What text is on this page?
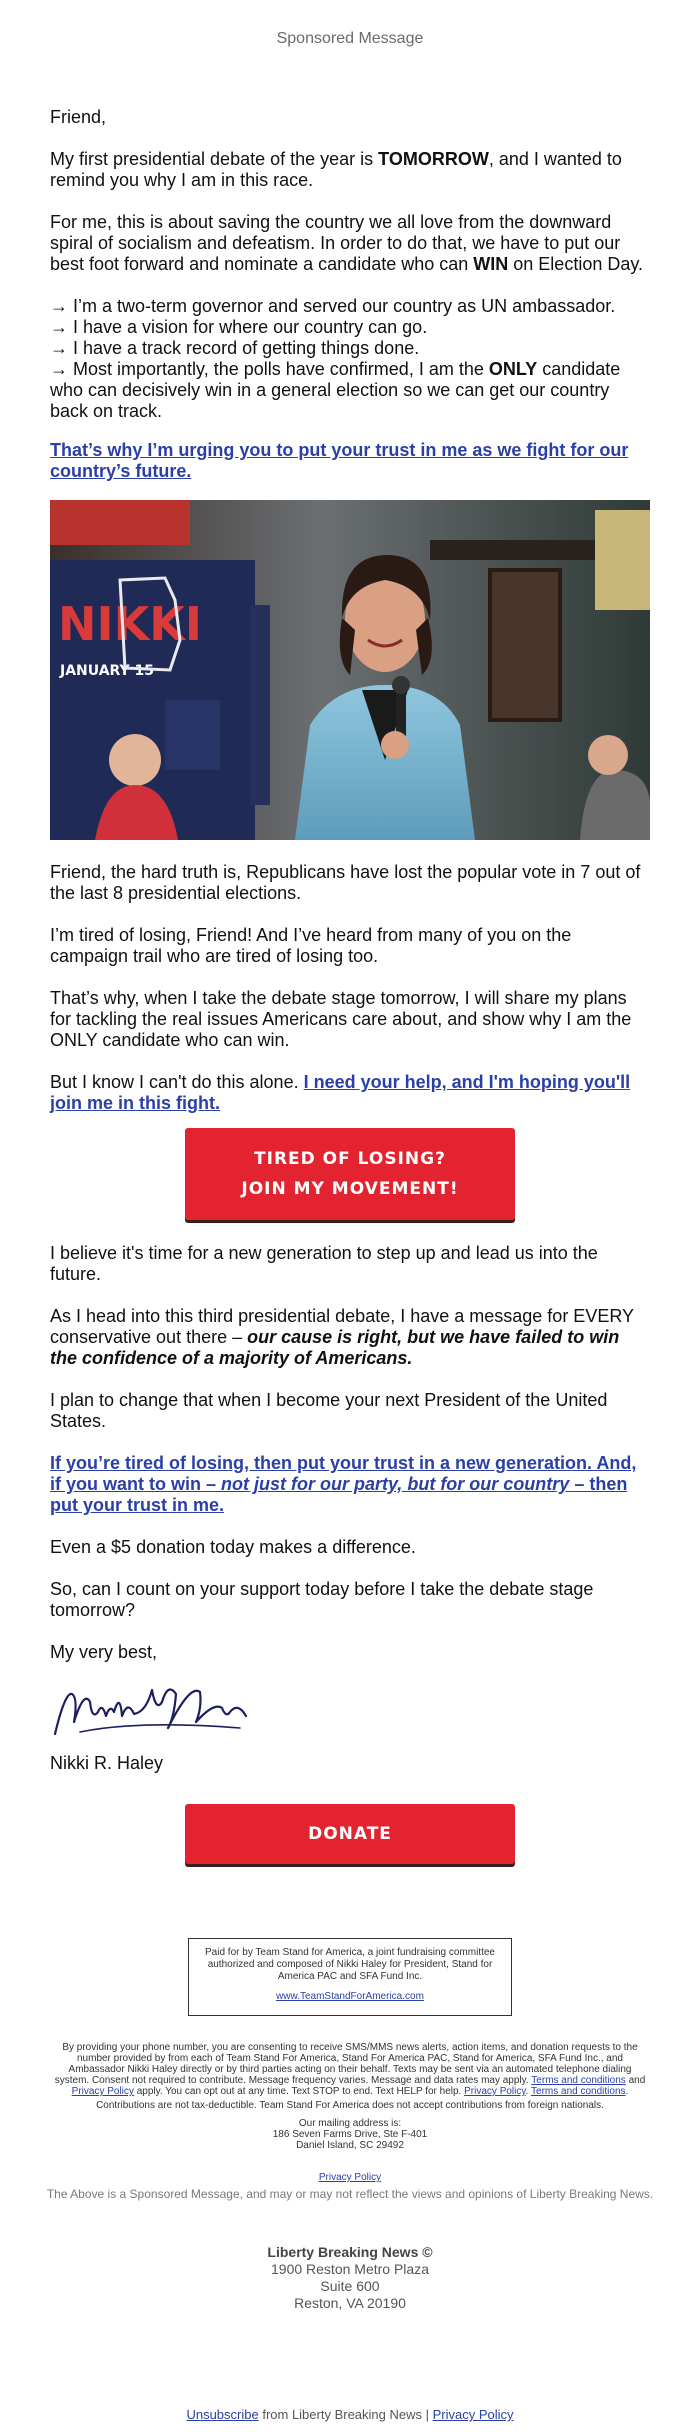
Sponsored Message

Friend,

My first presidential debate of the year is TOMORROW, and I wanted to remind you why I am in this race.

For me, this is about saving the country we all love from the downward spiral of socialism and defeatism. In order to do that, we have to put our best foot forward and nominate a candidate who can WIN on Election Day.

→ I’m a two-term governor and served our country as UN ambassador.

→ I have a vision for where our country can go.

→ I have a track record of getting things done.

→ Most importantly, the polls have confirmed, I am the ONLY candidate who can decisively win in a general election so we can get our country back on track.

That’s why I’m urging you to put your trust in me as we fight for our country’s future.

NIKKI
JANUARY 15

Friend, the hard truth is, Republicans have lost the popular vote in 7 out of the last 8 presidential elections.

I’m tired of losing, Friend! And I’ve heard from many of you on the campaign trail who are tired of losing too.

That’s why, when I take the debate stage tomorrow, I will share my plans for tackling the real issues Americans care about, and show why I am the ONLY candidate who can win.

But I know I can't do this alone. I need your help, and I'm hoping you'll join me in this fight.

TIRED OF LOSING?
JOIN MY MOVEMENT!

I believe it's time for a new generation to step up and lead us into the future.

As I head into this third presidential debate, I have a message for EVERY conservative out there – our cause is right, but we have failed to win the confidence of a majority of Americans.

I plan to change that when I become your next President of the United States.

If you’re tired of losing, then put your trust in a new generation. And, if you want to win – not just for our party, but for our country – then put your trust in me.

Even a $5 donation today makes a difference.

So, can I count on your support today before I take the debate stage tomorrow?

My very best,

Nikki R. Haley

DONATE
Paid for by Team Stand for America, a joint fundraising committee authorized and composed of Nikki Haley for President, Stand for America PAC and SFA Fund Inc.
www.TeamStandForAmerica.com
By providing your phone number, you are consenting to receive SMS/MMS news alerts, action items, and donation requests to the number provided by from each of Team Stand For America, Stand For America PAC, Stand for America, SFA Fund Inc., and Ambassador Nikki Haley directly or by third parties acting on their behalf. Texts may be sent via an automated telephone dialing system. Consent not required to contribute. Message frequency varies. Message and data rates may apply. Terms and conditions and Privacy Policy apply. You can opt out at any time. Text STOP to end. Text HELP for help. Privacy Policy. Terms and conditions.
Contributions are not tax-deductible. Team Stand For America does not accept contributions from foreign nationals.
Our mailing address is:
186 Seven Farms Drive, Ste F-401
Daniel Island, SC 29492
Privacy Policy
The Above is a Sponsored Message, and may or may not reflect the views and opinions of Liberty Breaking News.
Liberty Breaking News ©
1900 Reston Metro Plaza
Suite 600
Reston, VA 20190
Unsubscribe from Liberty Breaking News | Privacy Policy
